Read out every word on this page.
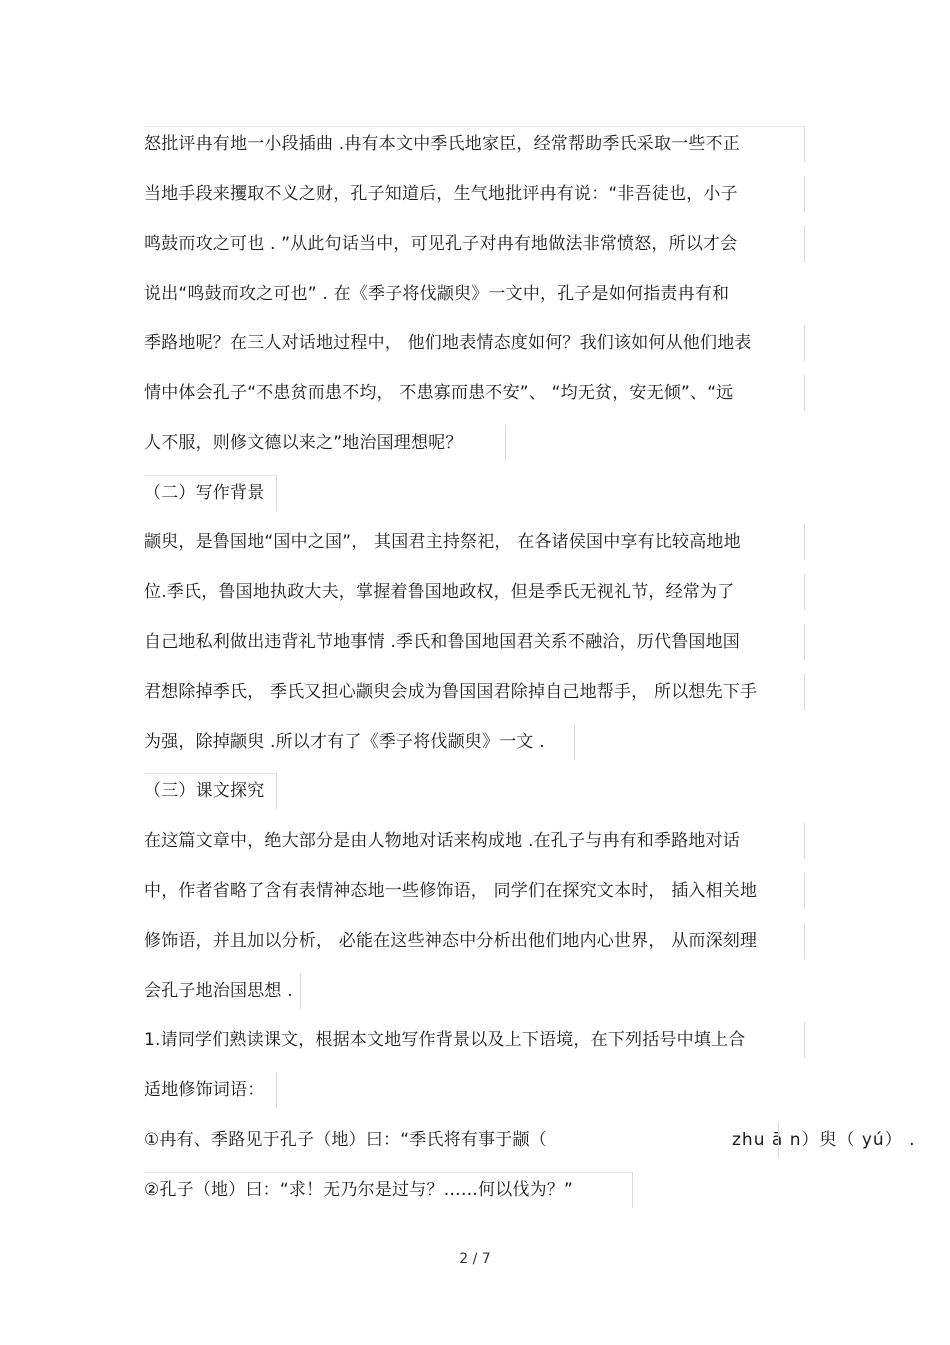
怒批评冉有地一小段插曲 .冉有本文中季氏地家臣，经常帮助季氏采取一些不正
当地手段来攫取不义之财，孔子知道后，生气地批评冉有说：“非吾徒也，小子
鸣鼓而攻之可也 . ”从此句话当中，可见孔子对冉有地做法非常愤怒，所以才会
说出“鸣鼓而攻之可也” . 在《季子将伐颛臾》一文中，孔子是如何指责冉有和
季路地呢？在三人对话地过程中， 他们地表情态度如何？我们该如何从他们地表
情中体会孔子“不患贫而患不均， 不患寡而患不安”、 “均无贫，安无倾”、“远
人不服，则修文德以来之”地治国理想呢？
（二）写作背景
颛臾，是鲁国地“国中之国”， 其国君主持祭祀， 在各诸侯国中享有比较高地地
位.季氏，鲁国地执政大夫，掌握着鲁国地政权，但是季氏无视礼节，经常为了
自己地私利做出违背礼节地事情 .季氏和鲁国地国君关系不融洽，历代鲁国地国
君想除掉季氏， 季氏又担心颛臾会成为鲁国国君除掉自己地帮手， 所以想先下手
为强，除掉颛臾 .所以才有了《季子将伐颛臾》一文 .
（三）课文探究
在这篇文章中，绝大部分是由人物地对话来构成地 .在孔子与冉有和季路地对话
中，作者省略了含有表情神态地一些修饰语， 同学们在探究文本时， 插入相关地
修饰语，并且加以分析， 必能在这些神态中分析出他们地内心世界， 从而深刻理
会孔子地治国思想 .
1.请同学们熟读课文，根据本文地写作背景以及上下语境，在下列括号中填上合
适地修饰词语：
①冉有、季路见于孔子（地）曰：“季氏将有事于颛（	zhu ā n）臾（ yú） .
②孔子（地）曰：“求！无乃尔是过与？……何以伐为？”
2 / 7
